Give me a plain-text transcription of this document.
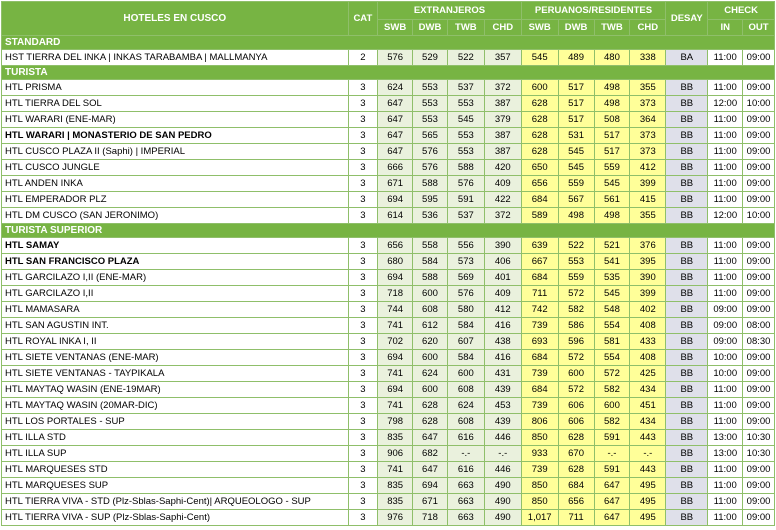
HOTELES EN CUSCO	CAT	EXTRANJEROS				PERUANOS/RESIDENTES				DESAY	CHECK	
		SWB	DWB	TWB	CHD	SWB	DWB	TWB	CHD		IN	OUT
STANDARD												
HST TIERRA DEL INKA | INKAS TARABAMBA | MALLMANYA	2	576	529	522	357	545	489	480	338	BA	11:00	09:00
TURISTA												
HTL PRISMA	3	624	553	537	372	600	517	498	355	BB	11:00	09:00
HTL TIERRA DEL SOL	3	647	553	553	387	628	517	498	373	BB	12:00	10:00
HTL WARARI (ENE-MAR)	3	647	553	545	379	628	517	508	364	BB	11:00	09:00
HTL WARARI | MONASTERIO DE SAN PEDRO	3	647	565	553	387	628	531	517	373	BB	11:00	09:00
HTL CUSCO PLAZA II (Saphi) | IMPERIAL	3	647	576	553	387	628	545	517	373	BB	11:00	09:00
HTL CUSCO JUNGLE	3	666	576	588	420	650	545	559	412	BB	11:00	09:00
HTL ANDEN INKA	3	671	588	576	409	656	559	545	399	BB	11:00	09:00
HTL EMPERADOR PLZ	3	694	595	591	422	684	567	561	415	BB	11:00	09:00
HTL DM CUSCO (SAN JERONIMO)	3	614	536	537	372	589	498	498	355	BB	12:00	10:00
TURISTA SUPERIOR												
HTL SAMAY	3	656	558	556	390	639	522	521	376	BB	11:00	09:00
HTL SAN FRANCISCO PLAZA	3	680	584	573	406	667	553	541	395	BB	11:00	09:00
HTL GARCILAZO I,II (ENE-MAR)	3	694	588	569	401	684	559	535	390	BB	11:00	09:00
HTL GARCILAZO I,II	3	718	600	576	409	711	572	545	399	BB	11:00	09:00
HTL MAMASARA	3	744	608	580	412	742	582	548	402	BB	09:00	09:00
HTL SAN AGUSTIN INT.	3	741	612	584	416	739	586	554	408	BB	09:00	08:00
HTL ROYAL INKA I, II	3	702	620	607	438	693	596	581	433	BB	09:00	08:30
HTL SIETE VENTANAS (ENE-MAR)	3	694	600	584	416	684	572	554	408	BB	10:00	09:00
HTL SIETE VENTANAS - TAYPIKALA	3	741	624	600	431	739	600	572	425	BB	10:00	09:00
HTL MAYTAQ WASIN (ENE-19MAR)	3	694	600	608	439	684	572	582	434	BB	11:00	09:00
HTL MAYTAQ WASIN (20MAR-DIC)	3	741	628	624	453	739	606	600	451	BB	11:00	09:00
HTL LOS PORTALES - SUP	3	798	628	608	439	806	606	582	434	BB	11:00	09:00
HTL ILLA STD	3	835	647	616	446	850	628	591	443	BB	13:00	10:30
HTL ILLA SUP	3	906	682	-.-	-.-	933	670	-.-	-.-	BB	13:00	10:30
HTL MARQUESES STD	3	741	647	616	446	739	628	591	443	BB	11:00	09:00
HTL MARQUESES SUP	3	835	694	663	490	850	684	647	495	BB	11:00	09:00
HTL TIERRA VIVA - STD (Plz-Sblas-Saphi-Cent)| ARQUEOLOGO - SUP	3	835	671	663	490	850	656	647	495	BB	11:00	09:00
HTL TIERRA VIVA - SUP (Plz-Sblas-Saphi-Cent)	3	976	718	663	490	1,017	711	647	495	BB	11:00	09:00
